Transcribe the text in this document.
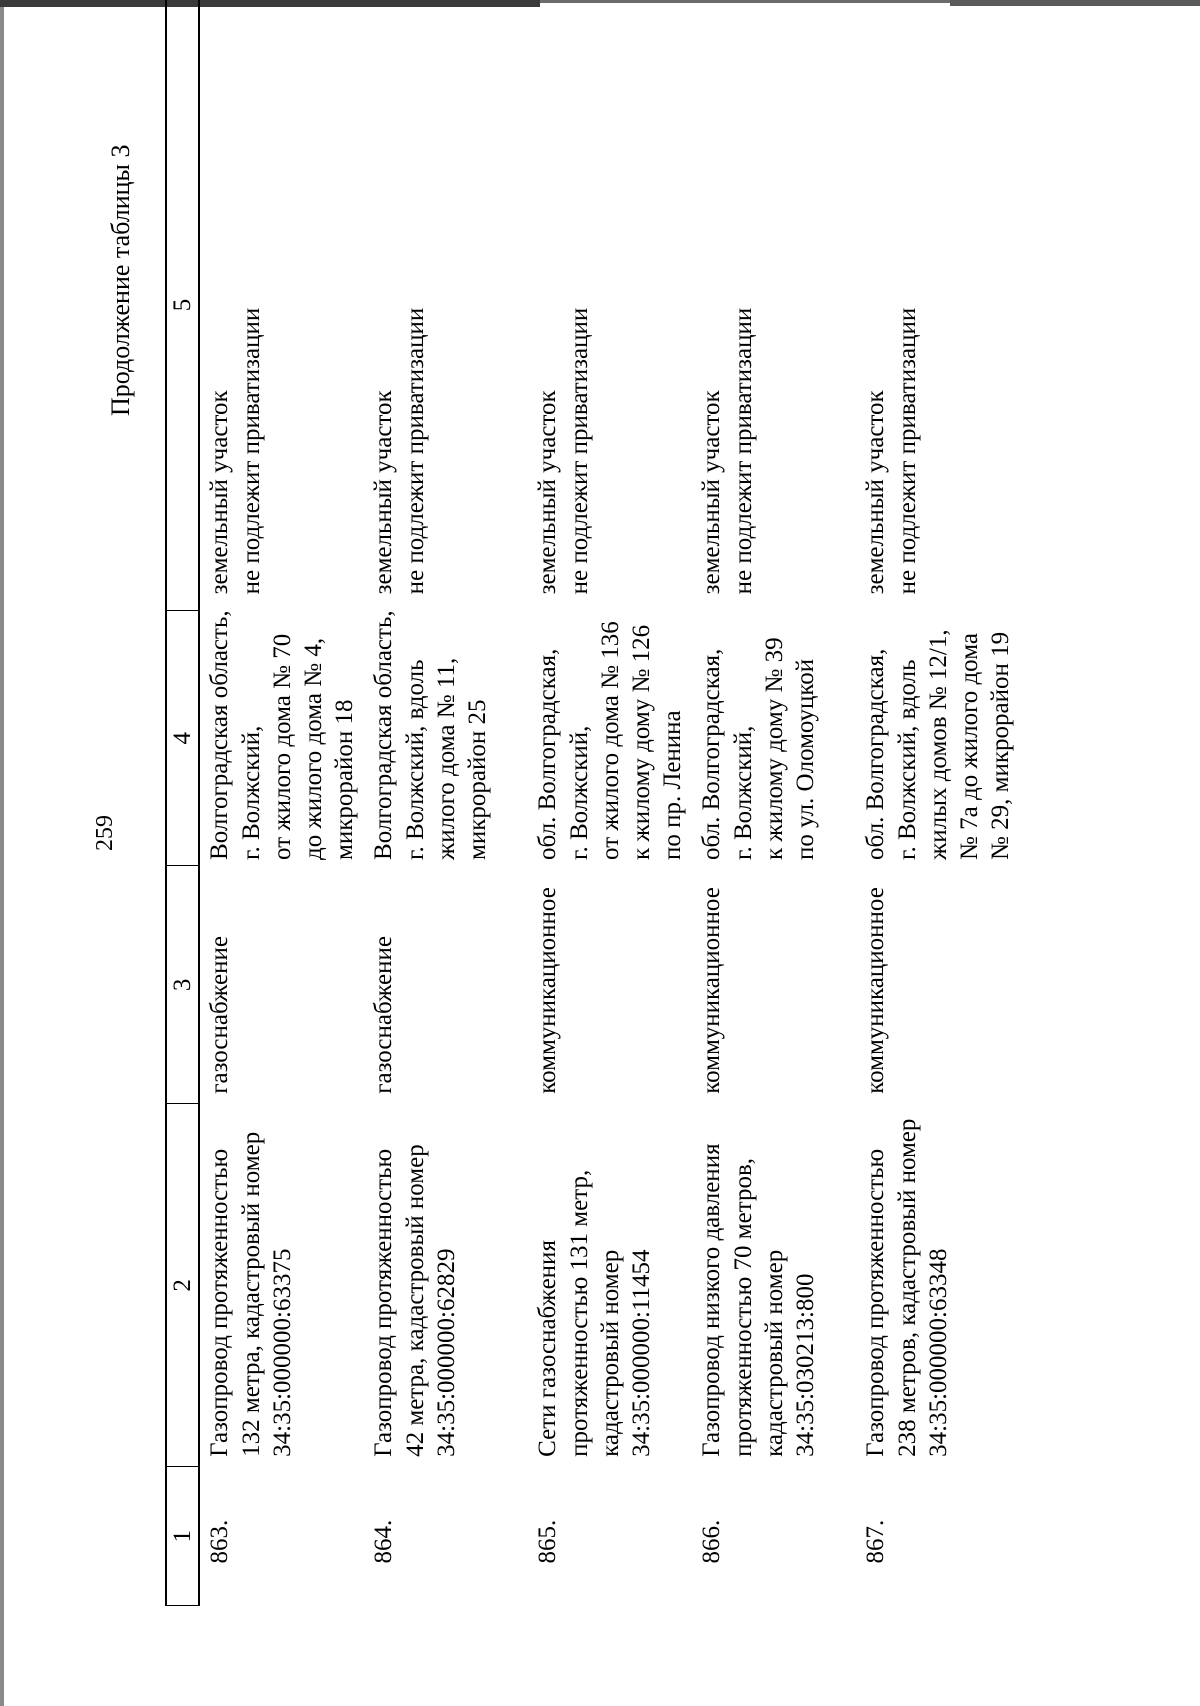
259
Продолжение таблицы 3
1	2	3	4	5
863.	Газопровод протяженностью 132 метра, кадастровый номер 34:35:000000:63375	газоснабжение	Волгоградская область, г. Волжский, от жилого дома № 70 до жилого дома № 4, микрорайон 18	земельный участок не подлежит приватизации

864.	Газопровод протяженностью 42 метра, кадастровый номер 34:35:000000:62829	газоснабжение	Волгоградская область, г. Волжский, вдоль жилого дома № 11, микрорайон 25	земельный участок не подлежит приватизации

865.	Сети газоснабжения протяженностью 131 метр, кадастровый номер 34:35:000000:11454	коммуникационное	обл. Волгоградская, г. Волжский, от жилого дома № 136 к жилому дому № 126 по пр. Ленина	земельный участок не подлежит приватизации

866.	Газопровод низкого давления протяженностью 70 метров, кадастровый номер 34:35:030213:800	коммуникационное	обл. Волгоградская, г. Волжский, к жилому дому № 39 по ул. Оломоуцкой	земельный участок не подлежит приватизации

867.	Газопровод протяженностью 238 метров, кадастровый номер 34:35:000000:63348	коммуникационное	обл. Волгоградская, г. Волжский, вдоль жилых домов № 12/1, № 7а до жилого дома № 29, микрорайон 19	земельный участок не подлежит приватизации
